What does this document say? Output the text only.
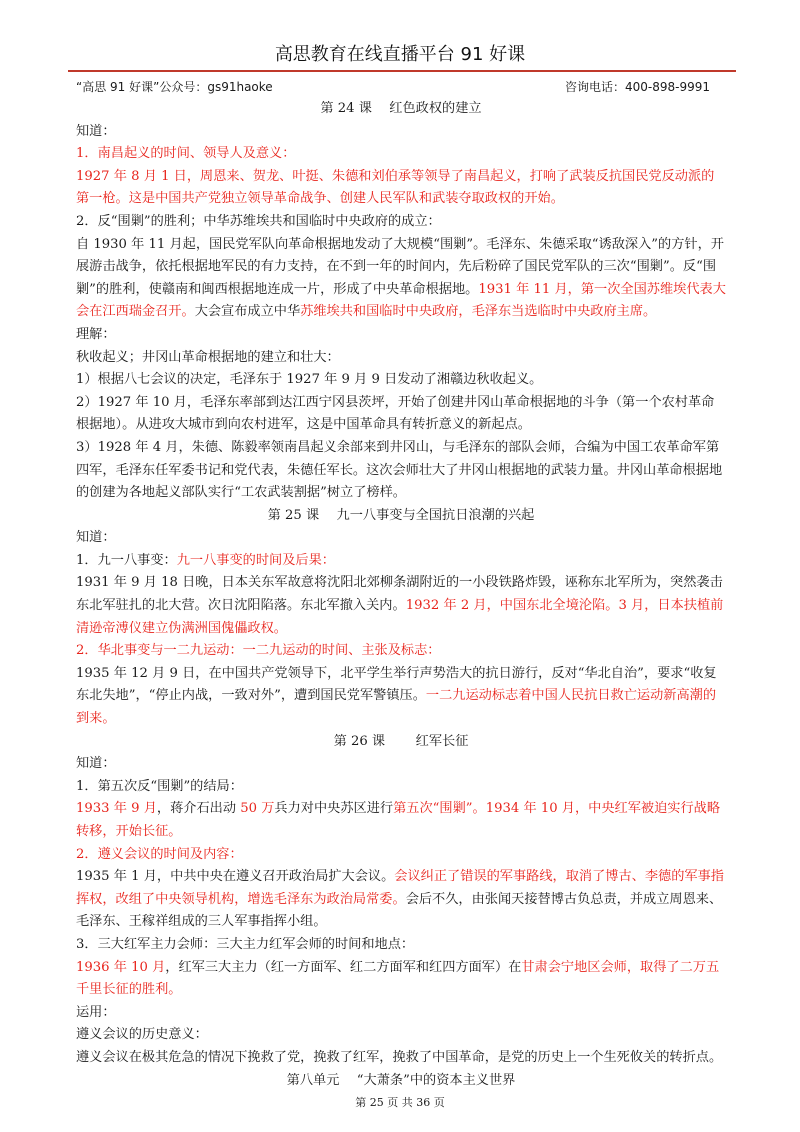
高思教育在线直播平台 91 好课
“高思 91 好课”公众号：gs91haoke	咨询电话：400-898-9991

第 24 课　 红色政权的建立

知道：

1．南昌起义的时间、领导人及意义：

1927 年 8 月 1 日，周恩来、贺龙、叶挺、朱德和刘伯承等领导了南昌起义，打响了武装反抗国民党反动派的第一枪。这是中国共产党独立领导革命战争、创建人民军队和武装夺取政权的开始。

2．反“围剿”的胜利；中华苏维埃共和国临时中央政府的成立：

自 1930 年 11 月起，国民党军队向革命根据地发动了大规模“围剿”。毛泽东、朱德采取“诱敌深入”的方针，开展游击战争，依托根据地军民的有力支持，在不到一年的时间内，先后粉碎了国民党军队的三次“围剿”。反“围剿”的胜利，使赣南和闽西根据地连成一片，形成了中央革命根据地。1931 年 11 月，第一次全国苏维埃代表大会在江西瑞金召开。大会宣布成立中华苏维埃共和国临时中央政府，毛泽东当选临时中央政府主席。

理解：

秋收起义；井冈山革命根据地的建立和壮大：

1）根据八七会议的决定，毛泽东于 1927 年 9 月 9 日发动了湘赣边秋收起义。

2）1927 年 10 月，毛泽东率部到达江西宁冈县茨坪，开始了创建井冈山革命根据地的斗争（第一个农村革命根据地）。从进攻大城市到向农村进军，这是中国革命具有转折意义的新起点。

3）1928 年 4 月，朱德、陈毅率领南昌起义余部来到井冈山，与毛泽东的部队会师，合编为中国工农革命军第四军，毛泽东任军委书记和党代表，朱德任军长。这次会师壮大了井冈山根据地的武装力量。井冈山革命根据地的创建为各地起义部队实行“工农武装割据”树立了榜样。

第 25 课　 九一八事变与全国抗日浪潮的兴起

知道：

1．九一八事变：九一八事变的时间及后果：

1931 年 9 月 18 日晚，日本关东军故意将沈阳北郊柳条湖附近的一小段铁路炸毁，诬称东北军所为，突然袭击东北军驻扎的北大营。次日沈阳陷落。东北军撤入关内。1932 年 2 月，中国东北全境沦陷。3 月，日本扶植前清逊帝溥仪建立伪满洲国傀儡政权。

2．华北事变与一二九运动：一二九运动的时间、主张及标志：

1935 年 12 月 9 日，在中国共产党领导下，北平学生举行声势浩大的抗日游行，反对“华北自治”，要求“收复东北失地”，“停止内战，一致对外”，遭到国民党军警镇压。一二九运动标志着中国人民抗日救亡运动新高潮的到来。

第 26 课　　 红军长征

知道：

1．第五次反“围剿”的结局：

1933 年 9 月，蒋介石出动 50 万兵力对中央苏区进行第五次“围剿”。1934 年 10 月，中央红军被迫实行战略转移，开始长征。

2．遵义会议的时间及内容：

1935 年 1 月，中共中央在遵义召开政治局扩大会议。会议纠正了错误的军事路线，取消了博古、李德的军事指挥权，改组了中央领导机构，增选毛泽东为政治局常委。会后不久，由张闻天接替博古负总责，并成立周恩来、毛泽东、王稼祥组成的三人军事指挥小组。

3．三大红军主力会师：三大主力红军会师的时间和地点：

1936 年 10 月，红军三大主力（红一方面军、红二方面军和红四方面军）在甘肃会宁地区会师，取得了二万五千里长征的胜利。

运用：

遵义会议的历史意义：

遵义会议在极其危急的情况下挽救了党，挽救了红军，挽救了中国革命，是党的历史上一个生死攸关的转折点。

第八单元　 “大萧条”中的资本主义世界

第 25 页 共 36 页
